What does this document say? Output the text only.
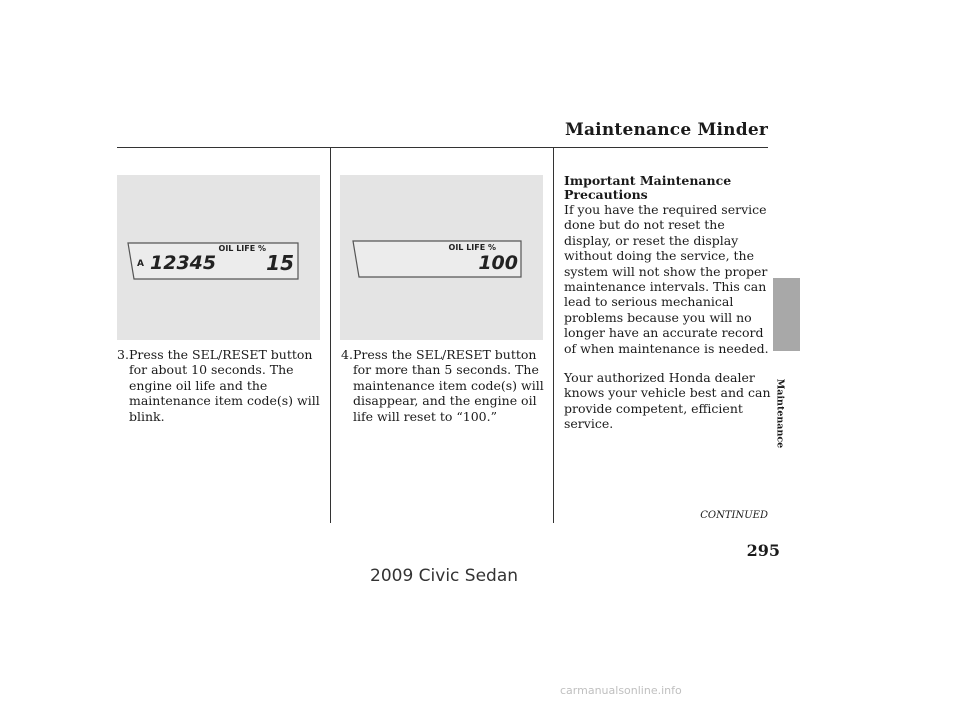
Maintenance Minder
OIL LIFE %
A 12345	15
3. Press the SEL/RESET button for about 10 seconds. The engine oil life and the maintenance item code(s) will blink.
OIL LIFE %
100
4. Press the SEL/RESET button for more than 5 seconds. The maintenance item code(s) will disappear, and the engine oil life will reset to “100.”
Important Maintenance
Precautions
If you have the required service done but do not reset the display, or reset the display without doing the service, the system will not show the proper maintenance intervals. This can lead to serious mechanical problems because you will no longer have an accurate record of when maintenance is needed.
Your authorized Honda dealer knows your vehicle best and can provide competent, efficient service.
CONTINUED
295
Maintenance
2009 Civic Sedan
carmanualsonline.info
